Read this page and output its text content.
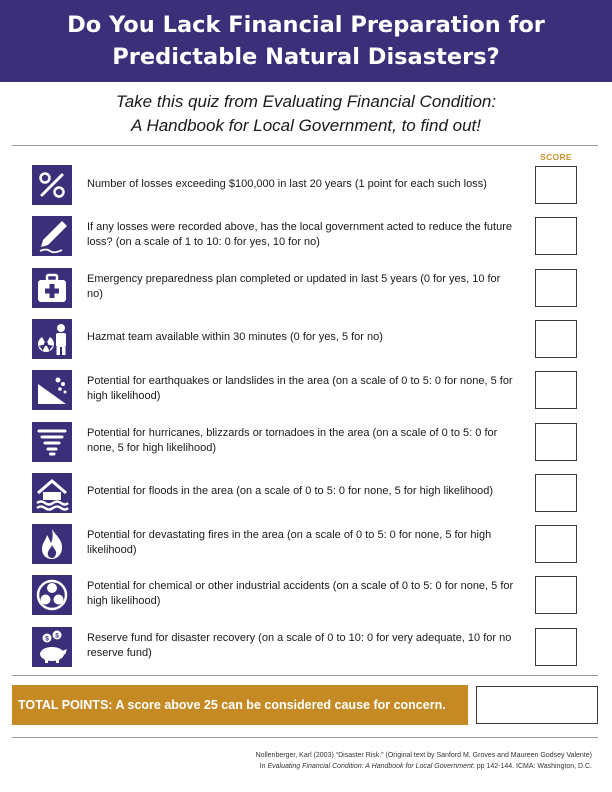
Do You Lack Financial Preparation for
Predictable Natural Disasters?
Take this quiz from Evaluating Financial Condition:
A Handbook for Local Government, to find out!
SCORE
Number of losses exceeding $100,000 in last 20 years (1 point for each such loss)
If any losses were recorded above, has the local government acted to reduce the future loss? (on a scale of 1 to 10: 0 for yes, 10 for no)
Emergency preparedness plan completed or updated in last 5 years (0 for yes, 10 for no)
Hazmat team available within 30 minutes (0 for yes, 5 for no)
Potential for earthquakes or landslides in the area (on a scale of 0 to 5: 0 for none, 5 for high likelihood)
Potential for hurricanes, blizzards or tornadoes in the area (on a scale of 0 to 5: 0 for none, 5 for high likelihood)
Potential for floods in the area (on a scale of 0 to 5: 0 for none, 5 for high likelihood)
Potential for devastating fires in the area (on a scale of 0 to 5: 0 for none, 5 for high likelihood)
Potential for chemical or other industrial accidents (on a scale of 0 to 5: 0 for none, 5 for high likelihood)
$ $	Reserve fund for disaster recovery (on a scale of 0 to 10: 0 for very adequate, 10 for no reserve fund)
TOTAL POINTS: A score above 25 can be considered cause for concern.
Nollenberger, Karl (2003) “Disaster Risk.” (Original text by Sanford M. Groves and Maureen Godsey Valente)
In Evaluating Financial Condition: A Handbook for Local Government: pp 142-144. ICMA: Washington, D.C.
